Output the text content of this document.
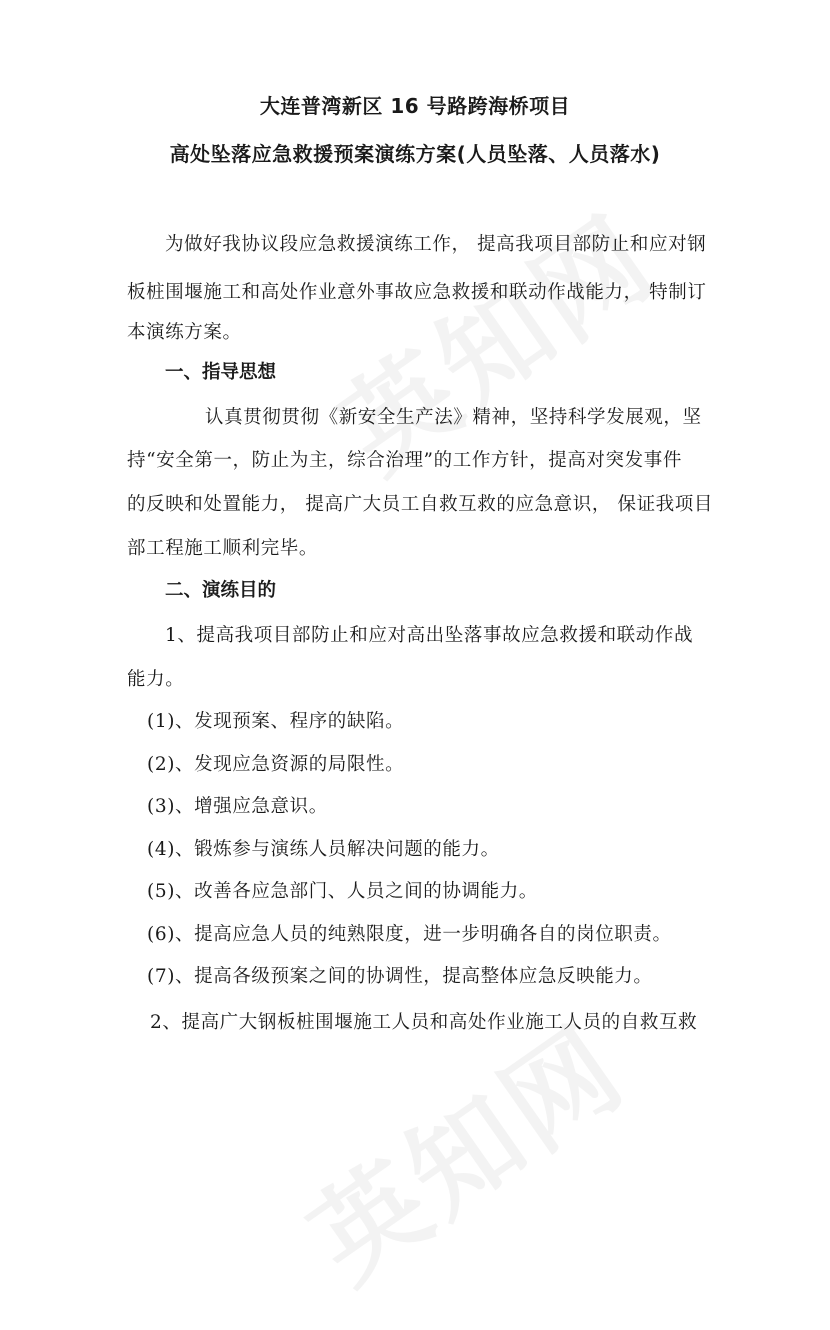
大连普湾新区 16 号路跨海桥项目
高处坠落应急救援预案演练方案(人员坠落、人员落水)
为做好我协议段应急救援演练工作， 提高我项目部防止和应对钢
板桩围堰施工和高处作业意外事故应急救援和联动作战能力， 特制订
本演练方案。
一、指导思想
认真贯彻贯彻《新安全生产法》精神，坚持科学发展观，坚
持“安全第一，防止为主，综合治理”的工作方针，提高对突发事件
的反映和处置能力， 提高广大员工自救互救的应急意识， 保证我项目
部工程施工顺利完毕。
二、演练目的
1、提高我项目部防止和应对高出坠落事故应急救援和联动作战
能力。
(1)、发现预案、程序的缺陷。
(2)、发现应急资源的局限性。
(3)、增强应急意识。
(4)、锻炼参与演练人员解决问题的能力。
(5)、改善各应急部门、人员之间的协调能力。
(6)、提高应急人员的纯熟限度，进一步明确各自的岗位职责。
(7)、提高各级预案之间的协调性，提高整体应急反映能力。
2、提高广大钢板桩围堰施工人员和高处作业施工人员的自救互救
